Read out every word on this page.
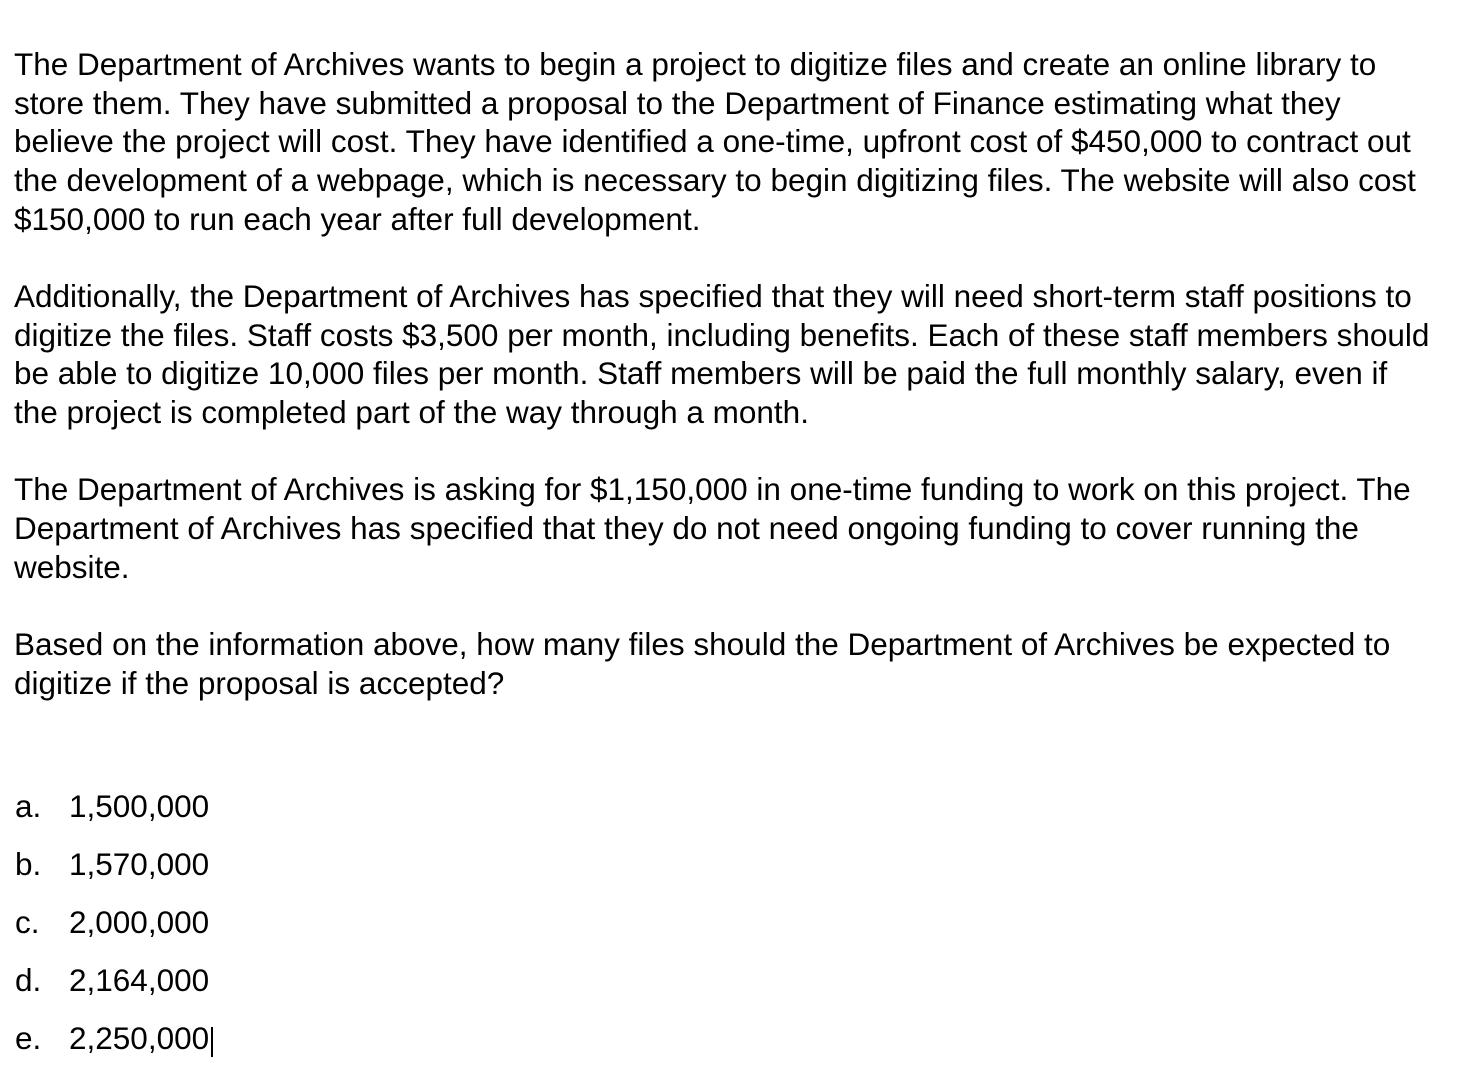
The Department of Archives wants to begin a project to digitize files and create an online library to store them. They have submitted a proposal to the Department of Finance estimating what they believe the project will cost. They have identified a one-time, upfront cost of $450,000 to contract out the development of a webpage, which is necessary to begin digitizing files. The website will also cost $150,000 to run each year after full development.

Additionally, the Department of Archives has specified that they will need short-term staff positions to digitize the files. Staff costs $3,500 per month, including benefits. Each of these staff members should be able to digitize 10,000 files per month. Staff members will be paid the full monthly salary, even if the project is completed part of the way through a month.

The Department of Archives is asking for $1,150,000 in one-time funding to work on this project. The Department of Archives has specified that they do not need ongoing funding to cover running the website.

Based on the information above, how many files should the Department of Archives be expected to digitize if the proposal is accepted?

a. 1,500,000
b. 1,570,000
c. 2,000,000
d. 2,164,000
e. 2,250,000
